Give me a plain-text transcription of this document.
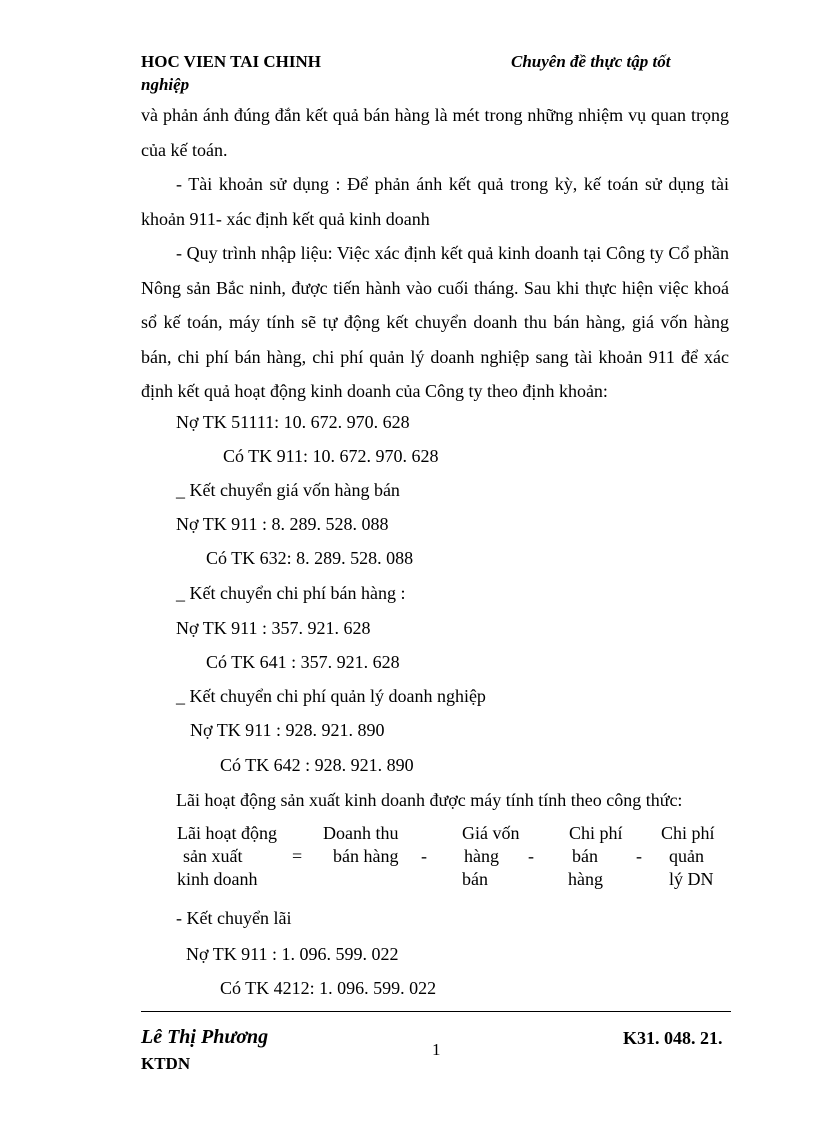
HOC VIEN TAI CHINH	Chuyên đề thực tập tốt
nghiệp
và phản ánh đúng đắn kết quả bán hàng là mét trong những nhiệm vụ quan trọng của kế toán.
- Tài khoản sử dụng : Để phản ánh kết quả trong kỳ, kế toán sử dụng tài khoản 911- xác định kết quả kinh doanh
- Quy trình nhập liệu: Việc xác định kết quả kinh doanh tại Công ty Cổ phần Nông sản Bắc ninh, được tiến hành vào cuối tháng. Sau khi thực hiện việc khoá sổ kế toán, máy tính sẽ tự động kết chuyển doanh thu bán hàng, giá vốn hàng bán, chi phí bán hàng, chi phí quản lý doanh nghiệp sang tài khoản 911 để xác định kết quả hoạt động kinh doanh của Công ty theo định khoản:
Nợ TK 51111: 10. 672. 970. 628
Có TK 911: 10. 672. 970. 628
_ Kết chuyển giá vốn hàng bán
Nợ TK 911 : 8. 289. 528. 088
Có TK 632: 8. 289. 528. 088
_ Kết chuyển chi phí bán hàng :
Nợ TK 911 : 357. 921. 628
Có TK 641 : 357. 921. 628
_ Kết chuyển chi phí quản lý doanh nghiệp
Nợ TK 911 : 928. 921. 890
Có TK 642 : 928. 921. 890
Lãi hoạt động sản xuất kinh doanh được máy tính tính theo công thức:
Lãi hoạt động
sản xuất
kinh doanh
=
Doanh thu
bán hàng -
Giá vốn
hàng
bán
-
Chi phí
bán
hàng
-
Chi phí
quản
lý DN
- Kết chuyển lãi
Nợ TK 911 : 1. 096. 599. 022
Có TK 4212: 1. 096. 599. 022
Lê Thị Phương
KTDN
1
K31. 048. 21.
